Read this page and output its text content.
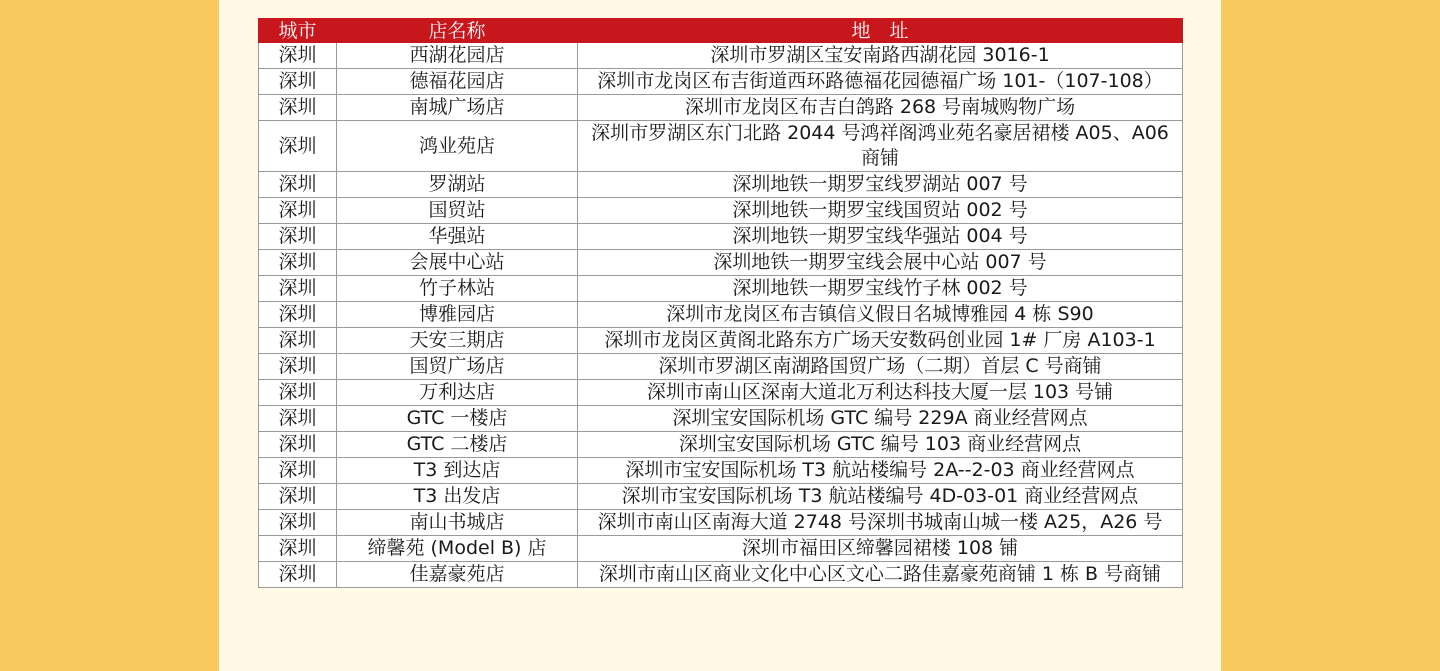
城市	店名称	地　址
深圳	西湖花园店	深圳市罗湖区宝安南路西湖花园 3016-1
深圳	德福花园店	深圳市龙岗区布吉街道西环路德福花园德福广场 101-（107-108）
深圳	南城广场店	深圳市龙岗区布吉白鸽路 268 号南城购物广场
深圳	鸿业苑店	深圳市罗湖区东门北路 2044 号鸿祥阁鸿业苑名豪居裙楼 A05、A06 商铺
深圳	罗湖站	深圳地铁一期罗宝线罗湖站 007 号
深圳	国贸站	深圳地铁一期罗宝线国贸站 002 号
深圳	华强站	深圳地铁一期罗宝线华强站 004 号
深圳	会展中心站	深圳地铁一期罗宝线会展中心站 007 号
深圳	竹子林站	深圳地铁一期罗宝线竹子林 002 号
深圳	博雅园店	深圳市龙岗区布吉镇信义假日名城博雅园 4 栋 S90
深圳	天安三期店	深圳市龙岗区黄阁北路东方广场天安数码创业园 1# 厂房 A103-1
深圳	国贸广场店	深圳市罗湖区南湖路国贸广场（二期）首层 C 号商铺
深圳	万利达店	深圳市南山区深南大道北万利达科技大厦一层 103 号铺
深圳	GTC 一楼店	深圳宝安国际机场 GTC 编号 229A 商业经营网点
深圳	GTC 二楼店	深圳宝安国际机场 GTC 编号 103 商业经营网点
深圳	T3 到达店	深圳市宝安国际机场 T3 航站楼编号 2A--2-03 商业经营网点
深圳	T3 出发店	深圳市宝安国际机场 T3 航站楼编号 4D-03-01 商业经营网点
深圳	南山书城店	深圳市南山区南海大道 2748 号深圳书城南山城一楼 A25，A26 号
深圳	缔馨苑 (Model B) 店	深圳市福田区缔馨园裙楼 108 铺
深圳	佳嘉豪苑店	深圳市南山区商业文化中心区文心二路佳嘉豪苑商铺 1 栋 B 号商铺
